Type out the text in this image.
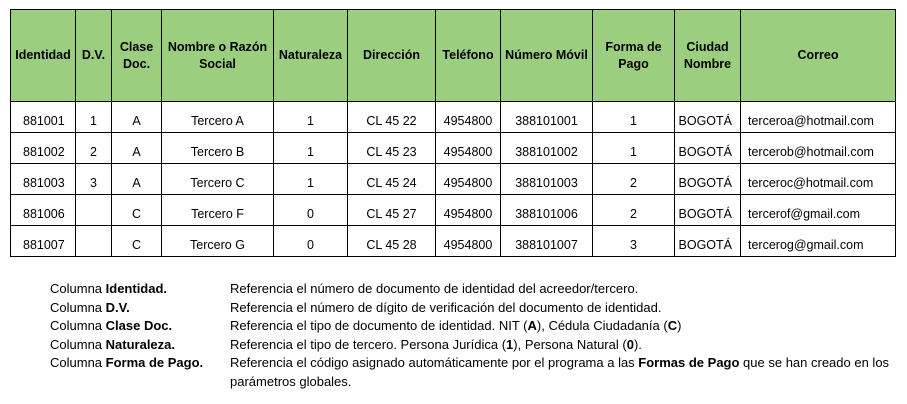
Identidad	D.V.	Clase Doc.	Nombre o Razón Social	Naturaleza	Dirección	Teléfono	Número Móvil	Forma de Pago	Ciudad Nombre	Correo
881001	1	A	Tercero A	1	CL 45 22	4954800	388101001	1	BOGOTÁ	terceroa@hotmail.com
881002	2	A	Tercero B	1	CL 45 23	4954800	388101002	1	BOGOTÁ	tercerob@hotmail.com
881003	3	A	Tercero C	1	CL 45 24	4954800	388101003	2	BOGOTÁ	terceroc@hotmail.com
881006		C	Tercero F	0	CL 45 27	4954800	388101006	2	BOGOTÁ	tercerof@gmail.com
881007		C	Tercero G	0	CL 45 28	4954800	388101007	3	BOGOTÁ	tercerog@gmail.com
Columna Identidad.	Referencia el número de documento de identidad del acreedor/tercero.
Columna D.V.	Referencia el número de dígito de verificación del documento de identidad.
Columna Clase Doc.	Referencia el tipo de documento de identidad. NIT (A), Cédula Ciudadanía (C)
Columna Naturaleza.	Referencia el tipo de tercero. Persona Jurídica (1), Persona Natural (0).
Columna Forma de Pago.	Referencia el código asignado automáticamente por el programa a las Formas de Pago que se han creado en los parámetros globales.
